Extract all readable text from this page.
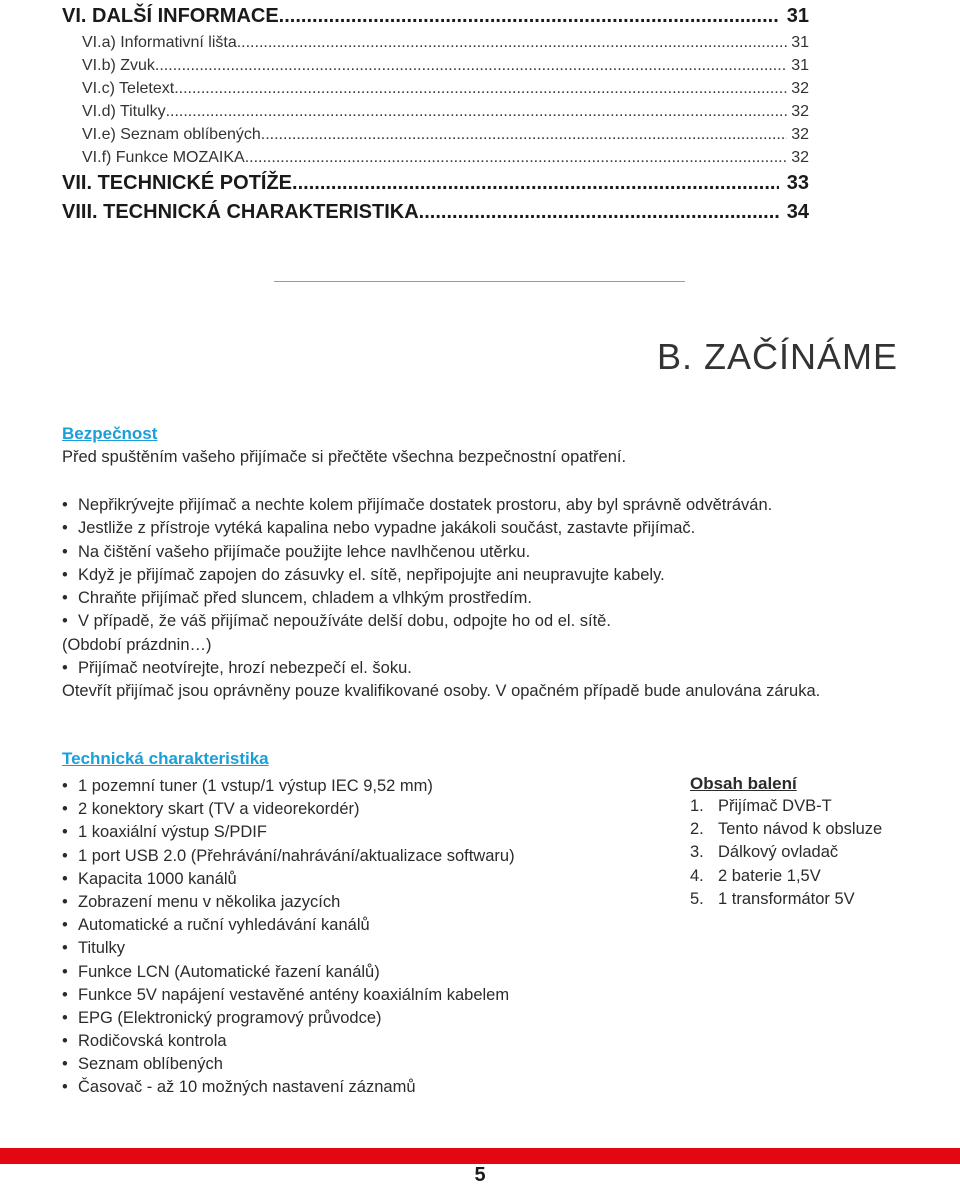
VI. DALŠÍ INFORMACE .....	31
VI.a) Informativní lišta .....	31
VI.b) Zvuk .....	31
VI.c) Teletext .....	32
VI.d) Titulky .....	32
VI.e) Seznam oblíbených .....	32
VI.f) Funkce MOZAIKA .....	32
VII. TECHNICKÉ POTÍŽE .....	33
VIII. TECHNICKÁ CHARAKTERISTIKA .....	34
B. ZAČÍNÁME
Bezpečnost
Před spuštěním vašeho přijímače si přečtěte všechna bezpečnostní opatření.
• Nepřikrývejte přijímač a nechte kolem přijímače dostatek prostoru, aby byl správně odvětráván.
• Jestliže z přístroje vytéká kapalina nebo vypadne jakákoli součást, zastavte přijímač.
• Na čištění vašeho přijímače použijte lehce navlhčenou utěrku.
• Když je přijímač zapojen do zásuvky el. sítě, nepřipojujte ani neupravujte kabely.
• Chraňte přijímač před sluncem, chladem a vlhkým prostředím.
• V případě, že váš přijímač nepoužíváte delší dobu, odpojte ho od el. sítě.
(Období prázdnin…)
• Přijímač neotvírejte, hrozí nebezpečí el. šoku.
Otevřít přijímač jsou oprávněny pouze kvalifikované osoby. V opačném případě bude anulována záruka.
Technická charakteristika
• 1 pozemní tuner (1 vstup/1 výstup IEC 9,52 mm)
• 2 konektory skart (TV a videorekordér)
• 1 koaxiální výstup S/PDIF
• 1 port USB 2.0 (Přehrávání/nahrávání/aktualizace softwaru)
• Kapacita 1000 kanálů
• Zobrazení menu v několika jazycích
• Automatické a ruční vyhledávání kanálů
• Titulky
• Funkce LCN (Automatické řazení kanálů)
• Funkce 5V napájení vestavěné antény koaxiálním kabelem
• EPG (Elektronický programový průvodce)
• Rodičovská kontrola
• Seznam oblíbených
• Časovač - až 10 možných nastavení záznamů
Obsah balení
1. Přijímač DVB-T
2. Tento návod k obsluze
3. Dálkový ovladač
4. 2 baterie 1,5V
5. 1 transformátor 5V
5
